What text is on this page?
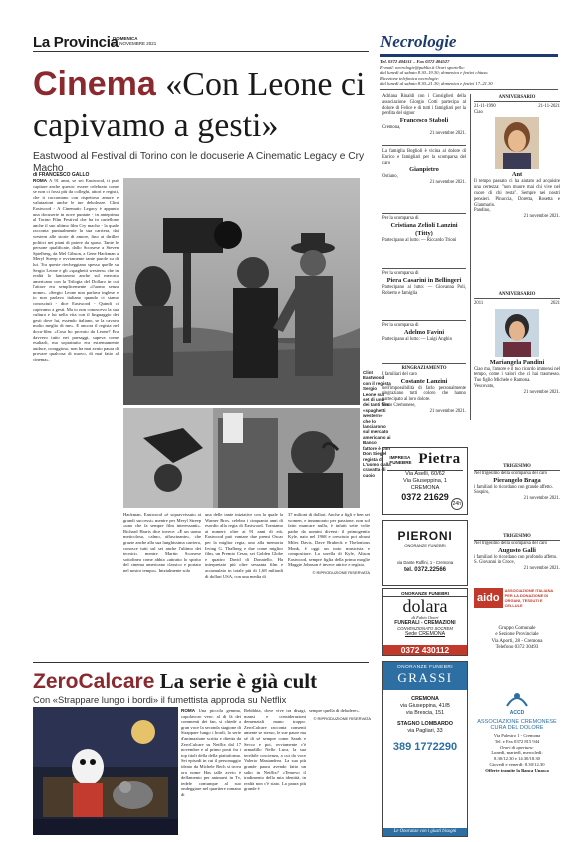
La Provincia
DOMENICA
21 NOVEMBRE 2021
Cinema «Con Leone ci capivamo a gesti»
Eastwood al Festival di Torino con le docuserie A Cinematic Legacy e Cry Macho
di FRANCESCO GALLO
ROMA A 91 anni, se sei Eastwood, ti può capitare anche questo: essere celebrato come se non ci fossi più da colleghi, attori e registi, che ti raccontano con rispettoso amore e valutazioni anche le tue debolezze. Clint Eastwood - A Cinematic Legacy è appunto una docuserie in nove puntate - in anteprima al Torino Film Festival che ha in cartellone anche il suo ultimo film Cry macho - la quale racconta puntualmente la sua carriera, dai western alle storie di amore, fino ai thriller politici nei piani di potere da spaso. Tante le persone qualificate, dallo Scorsese a Steven Spielberg, da Mel Gibson, a Gene Hackman a Meryl Streep e ovviamente tante parole su di lui. Tra queste riecheggiano spesso quelle su Sergio Leone e gli «spaghetti western» che in realtà lo lanciarono anche sul mercato americano con la Trilogia del Dollaro in cui l'attore era semplicemente «l'uomo senza nome». «Sergio Leone non parlava inglese e io non parlavo italiano quando ci siamo conosciuti - dice Eastwood - Quindi ci capivamo a gesti. Ma io non conoscevo la sua cultura e lui nella vita con il linguaggio dei gesti dove lui, essendo italiano, se la cavava molto meglio di me». E ancora il regista nel docu-film: «Cosa ho provato da Leone? Era davvero tutto nei paesaggi, sapeva come esaltarli, ma soprattutto era estremamente audace, coraggioso, non ha mai avuto paura di provare qualcosa di nuovo, di mai fatto al cinema».
Clint Eastwood con il regista Sergio Leone sul set di uno dei tanti film «spaghetti western» che lo lanciarono sul mercato americano ai Banco fattore è con Don Siegel regista di L'uomo dalla cravatta di cuoio
Hackman, Eastwood «è sopravvissuto ai grandi successi» mentre per Meryl Streep «uno che fa sempre film interessanti». Richard Harris dice invece: «È un uomo meticoloso, calmo, affascinante», che grazie anche alla sua lunghissima carriera, conosce tutti sul set anche l'ultimo dei tecnici» mentre Martin Scorsese sottolinea come abbia «attratto lo spirito del cinema americano classico e portato nel nostro tempo». Inizialmente solo
una delle tante iniziative con la quale la Warner Bros. celebra i cinquanta anni di esordio alla regia di Eastwood. Torniamo ai numeri: oltre ai 91 anni di età, Eastwood può vantare due premi Oscar per la miglior regia, uno alla memoria Irving G. Thalberg e due come miglior film, un Premio Cesar, sei Golden Globe e quattro David di Donatello. Ha interpretato più oltre sessanta film e accumulato in totale più di 1,68 miliardi di dollari USA, con una media di
37 milioni di dollari. Anche a figli e ben sei women, e innamorato per passione, non sol fatto mancare nulla, è infatti sette volte padre da uomini diversi: il primogenito Kyle, nato nel 1968 e cresciuto poi alcuni Miles Davis, Dave Brubeck e Thelonious Monk, è oggi un noto musicista e compositore. La sorella di Kyle, Alison Eastwood, sempre figlia della prima moglie Maggie Johnson è invece attrice e regista.
© RIPRODUZIONE RISERVATA
ZeroCalcare La serie è già cult
Con «Strappare lungo i bordi» il fumettista approda su Netflix
ROMA Una piccola gemma, capolavoro vero: al di là dei commenti dei fan, si chiede a gran voce la seconda stagione di Strappare lungo i bordi, la serie d'animazione scritta e diretta da ZeroCalcare su Netflix dal 17 novembre e al primo posti fra i top titoli della della piattaforma. Sei episodi in cui il personaggio ideato da Michele Rech si trova ora nome Has talle avvio è deflamento per animarsi in Tv, tedele comunque al suo ondeggiare nel quartiere romano di
Rebibbia, dove vive tra disagi, mansi e considerazioni demenziali mano troppo. ZeroCalcare racconta consenti amente se stesso, le sue paure ma sé di sé sempre come Sarah e Secco e poi, ovviamente c'è armadillo Nello Luca, la sua terribile coscienza, a cui da voce Valerio Mastandrea. La sua più grande paura avendo fatto un salto in Netflix? «Temevo il tradimento della mia identità, in realtà non c'è stato. La paura più grande è
sempre quella di deludere».
© RIPRODUZIONE RISERVATA
Necrologie
Tel. 0372 404511 – Fax 0372 404527
E-mail: necrologie@publia.it Orari sportello:
dal lunedì al sabato 8.30–19.30; domenica e festivi chiuso.
Ricezione telefonica necrologie:
dal lunedì al sabato 8.30–21.30; domenica e festivi 17–21.30
Adriana Rinaldi con i Consiglieri della associazione Giorgio Cotti partecipa al dolore di Felice e di tutti i famigliari per la perdita del signor
Francesco Staboli
Cremona,
21 novembre 2021.
La famiglia Boglioli è vicina al dolore di Enrico e famigliari per la scomparsa del caro
Gianpietro
Ostiano,
21 novembre 2021.
Per la scomparsa di
Cristiana Zelioli Lanzini (Titty)
Partecipano al lutto: — Riccardo Trioni
Per la scomparsa di
Piera Casarini in Bellingeri
Partecipano al lutto: — Giovanna Poli, Roberto e famiglia
Per la scomparsa di
Adelmo Favini
Partecipano al lutto: — Luigi Anghin
RINGRAZIAMENTO
I familiari del caro
Costante Lanzini
nell'impossibilità di farlo personalmente ringraziano tutti coloro che hanno partecipato al loro dolore.
Sesto Cremonese,
21 novembre 2021.
ANNIVERSARIO
21-11-1990	21-11-2021
Ciao
Ant
Il tempo passato ci ha aiutato ad acquisire una certezza: "non muore mai chi vive nel cuore di chi resta". Sempre nei nostri pensieri. Pinuccia, Doretta, Rosetta e Gianmario.
Pandino,
21 novembre 2021.
ANNIVERSARIO
2011	2021
Mariangela Pandini
Ciao ma, l'amore e il tuo ricordo immensi nel tempo, come i valori che ci hai trasmesso. Tuo figlio Michele e Ramona.
Vescovato,
21 novembre 2021.
TRIGESIMO
Nel trigesimo della scomparsa del caro
Pierangelo Braga
i familiari lo ricordano con grande affetto.
Sospiro,
21 novembre 2021.
TRIGESIMO
Nel trigesimo della scomparsa del caro
Augusto Galli
i familiari lo ricordano con profondo affetto.
S. Giovanni in Croce,
21 novembre 2021.
IMPRESA FUNEBRE Pietra
Via Aselli, 60/62
Via Giuseppina, 1
CREMONA
0372 21629
24h
PIERONI
ONORANZE FUNEBRI
via Dante Ruffini, 1 - Cremona
tel. 0372.22566
ONORANZE FUNEBRI
dolara
di Fabio Oneri
FUNERALI - CREMAZIONI
CONVENZIONATO SOCREM
Sede CREMONA
0372 430112
ONORANZE FUNEBRI
GRASSI
CREMONA
via Giuseppina, 41/B
via Brescia, 151
STAGNO LOMBARDO
via Pagliari, 33
389 1772290
Le Onoranze con i giusti bisogni
aido
ASSOCIAZIONE ITALIANA PER LA DONAZIONE DI ORGANI, TESSUTI E CELLULE
Gruppo Comunale
e Sezione Provinciale
Via Aporti, 28 - Cremona
Telefono 0372 30493
ACCD
ASSOCIAZIONE CREMONESE
CURA DEL DOLORE
Via Palestro 1 - Cremona
Tel. e Fax 0372 815 944
Orari di apertura:
Lunedì, martedì, mercoledì:
8.30/12.30 e 14.30/18.30
Giovedì e venerdì: 8.30/12.30
Offerte tramite la Banca Unasca
